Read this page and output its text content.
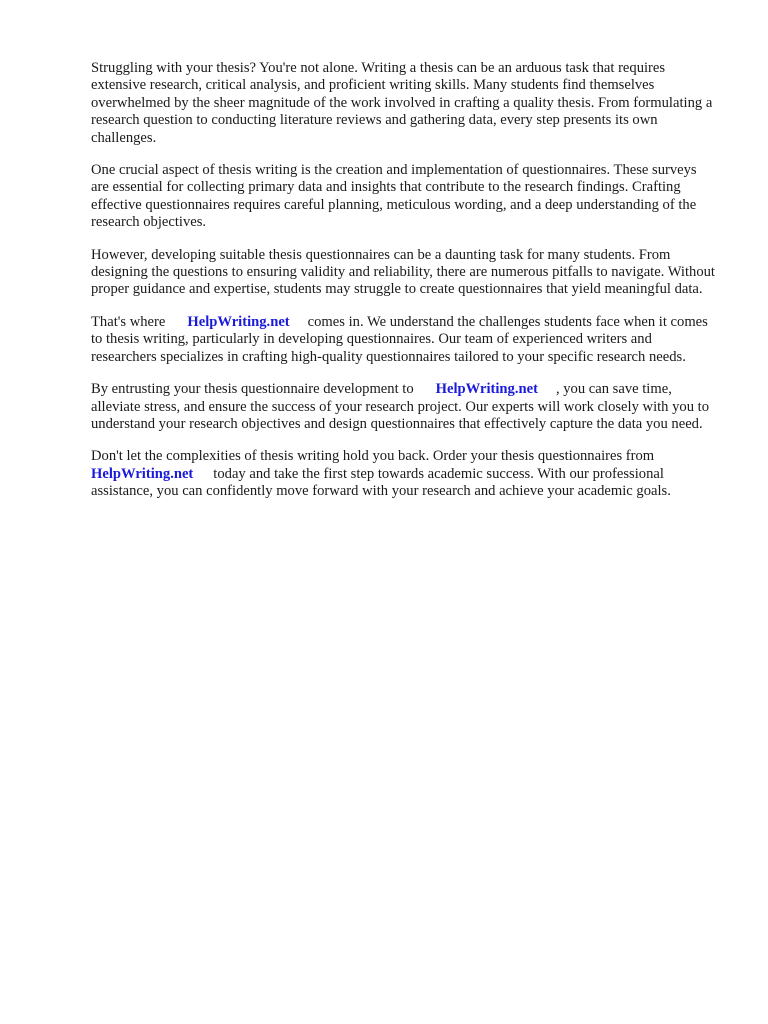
Struggling with your thesis? You're not alone. Writing a thesis can be an arduous task that requires extensive research, critical analysis, and proficient writing skills. Many students find themselves overwhelmed by the sheer magnitude of the work involved in crafting a quality thesis. From formulating a research question to conducting literature reviews and gathering data, every step presents its own challenges.

One crucial aspect of thesis writing is the creation and implementation of questionnaires. These surveys are essential for collecting primary data and insights that contribute to the research findings. Crafting effective questionnaires requires careful planning, meticulous wording, and a deep understanding of the research objectives.

However, developing suitable thesis questionnaires can be a daunting task for many students. From designing the questions to ensuring validity and reliability, there are numerous pitfalls to navigate. Without proper guidance and expertise, students may struggle to create questionnaires that yield meaningful data.

That's where HelpWriting.net comes in. We understand the challenges students face when it comes to thesis writing, particularly in developing questionnaires. Our team of experienced writers and researchers specializes in crafting high-quality questionnaires tailored to your specific research needs.

By entrusting your thesis questionnaire development to HelpWriting.net , you can save time, alleviate stress, and ensure the success of your research project. Our experts will work closely with you to understand your research objectives and design questionnaires that effectively capture the data you need.

Don't let the complexities of thesis writing hold you back. Order your thesis questionnaires from HelpWriting.net today and take the first step towards academic success. With our professional assistance, you can confidently move forward with your research and achieve your academic goals.
